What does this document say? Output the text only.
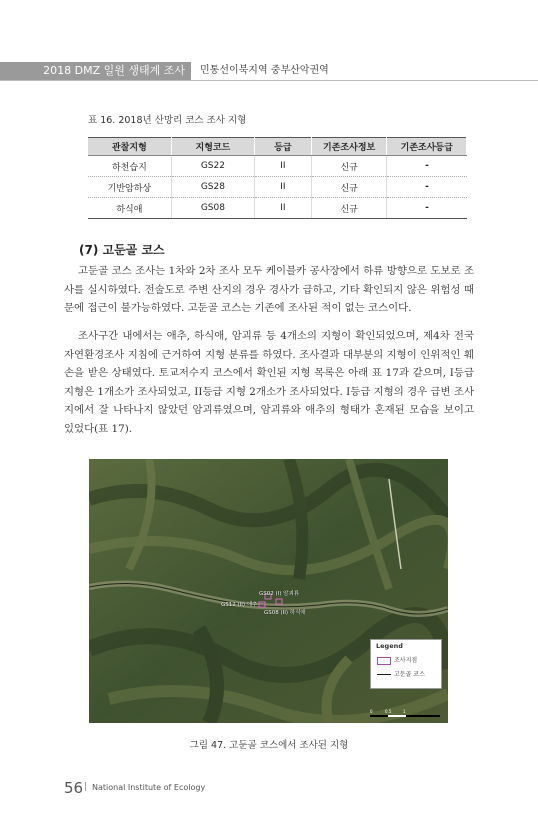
2018 DMZ 일원 생태계 조사	민통선이북지역 중부산악권역
표 16. 2018년 산망리 코스 조사 지형
관찰지형	지형코드	등급	기존조사정보	기존조사등급
하천습지	GS22	II	신규	-
기반암하상	GS28	II	신규	-
하식애	GS08	II	신규	-
(7) 고둔골 코스
고둔골 코스 조사는 1차와 2차 조사 모두 케이블카 공사장에서 하류 방향으로 도보로 조사를 실시하였다. 전술도로 주변 산지의 경우 경사가 급하고, 기타 확인되지 않은 위험성 때문에 접근이 불가능하였다. 고둔골 코스는 기존에 조사된 적이 없는 코스이다.
조사구간 내에서는 애추, 하식애, 암괴류 등 4개소의 지형이 확인되었으며, 제4차 전국자연환경조사 지침에 근거하여 지형 분류를 하였다. 조사결과 대부분의 지형이 인위적인 훼손을 받은 상태였다. 토교저수지 코스에서 확인된 지형 목록은 아래 표 17과 같으며, I등급 지형은 1개소가 조사되었고, II등급 지형 2개소가 조사되었다. I등급 지형의 경우 급변 조사지에서 잘 나타나지 않았던 암괴류였으며, 암괴류와 애추의 형태가 혼재된 모습을 보이고 있었다(표 17).
GS12 (II) 애추
GS02 (I) 암괴류
GS08 (II) 하식애
Legend
조사지점
고둔골 코스
0	0.5	1
그림 47. 고둔골 코스에서 조사된 지형
56 | National Institute of Ecology
